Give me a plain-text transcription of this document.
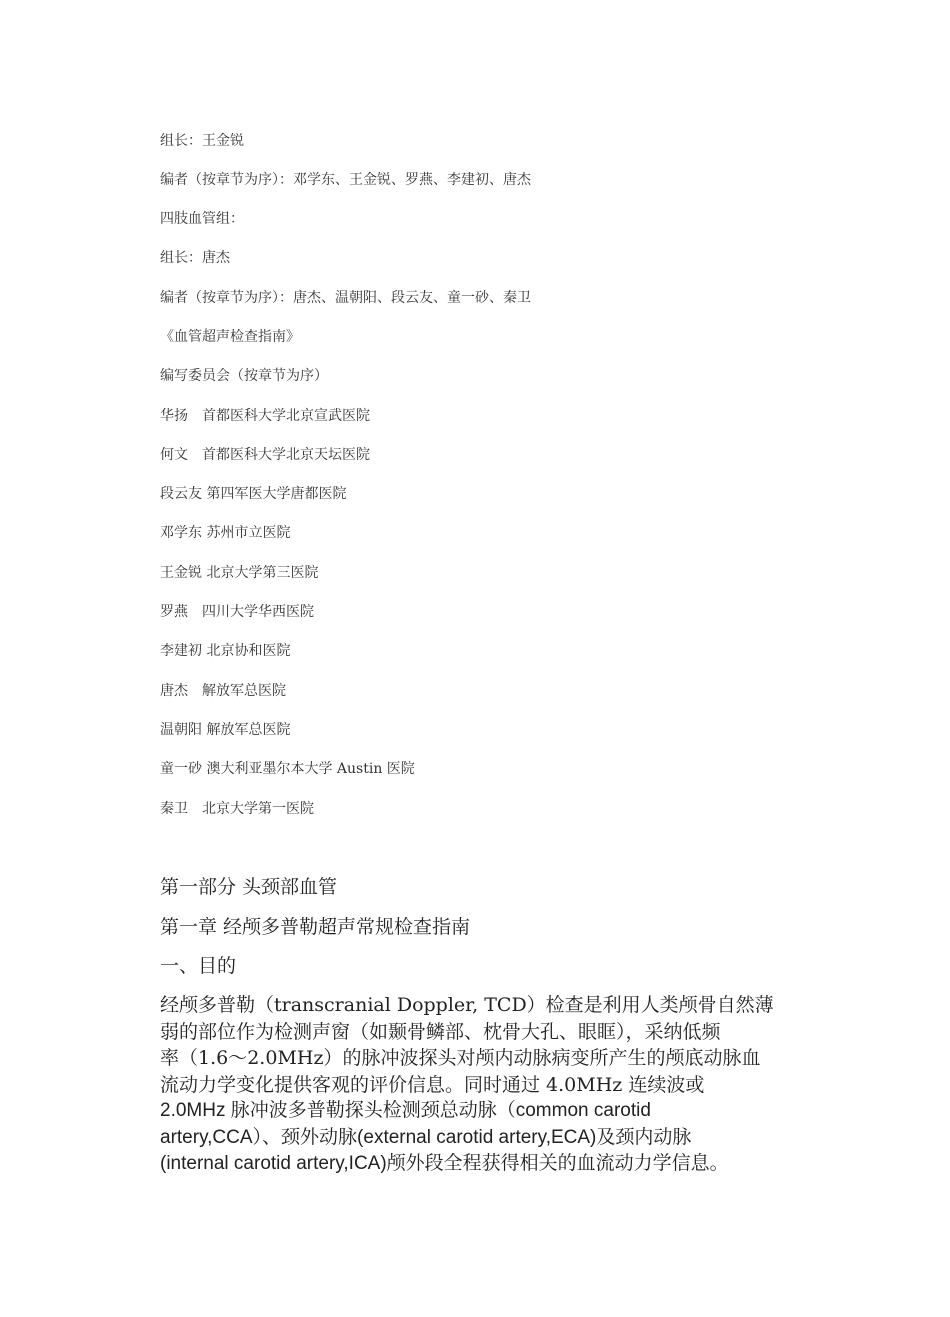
组长：王金锐
编者（按章节为序）：邓学东、王金锐、罗燕、李建初、唐杰
四肢血管组：
组长：唐杰
编者（按章节为序）：唐杰、温朝阳、段云友、童一砂、秦卫
《血管超声检查指南》
编写委员会（按章节为序）
华扬　首都医科大学北京宣武医院
何文　首都医科大学北京天坛医院
段云友 第四军医大学唐都医院
邓学东 苏州市立医院
王金锐 北京大学第三医院
罗燕　四川大学华西医院
李建初 北京协和医院
唐杰　解放军总医院
温朝阳 解放军总医院
童一砂 澳大利亚墨尔本大学 Austin 医院
秦卫　北京大学第一医院
第一部分 头颈部血管
第一章 经颅多普勒超声常规检查指南
一、目的

经颅多普勒（transcranial Doppler, TCD）检查是利用人类颅骨自然薄

弱的部位作为检测声窗（如颞骨鳞部、枕骨大孔、眼眶），采纳低频

率（1.6～2.0MHz）的脉冲波探头对颅内动脉病变所产生的颅底动脉血

流动力学变化提供客观的评价信息。同时通过 4.0MHz 连续波或

2.0MHz 脉冲波多普勒探头检测颈总动脉（common carotid

artery,CCA）、颈外动脉(external carotid artery,ECA)及颈内动脉

(internal carotid artery,ICA)颅外段全程获得相关的血流动力学信息。
